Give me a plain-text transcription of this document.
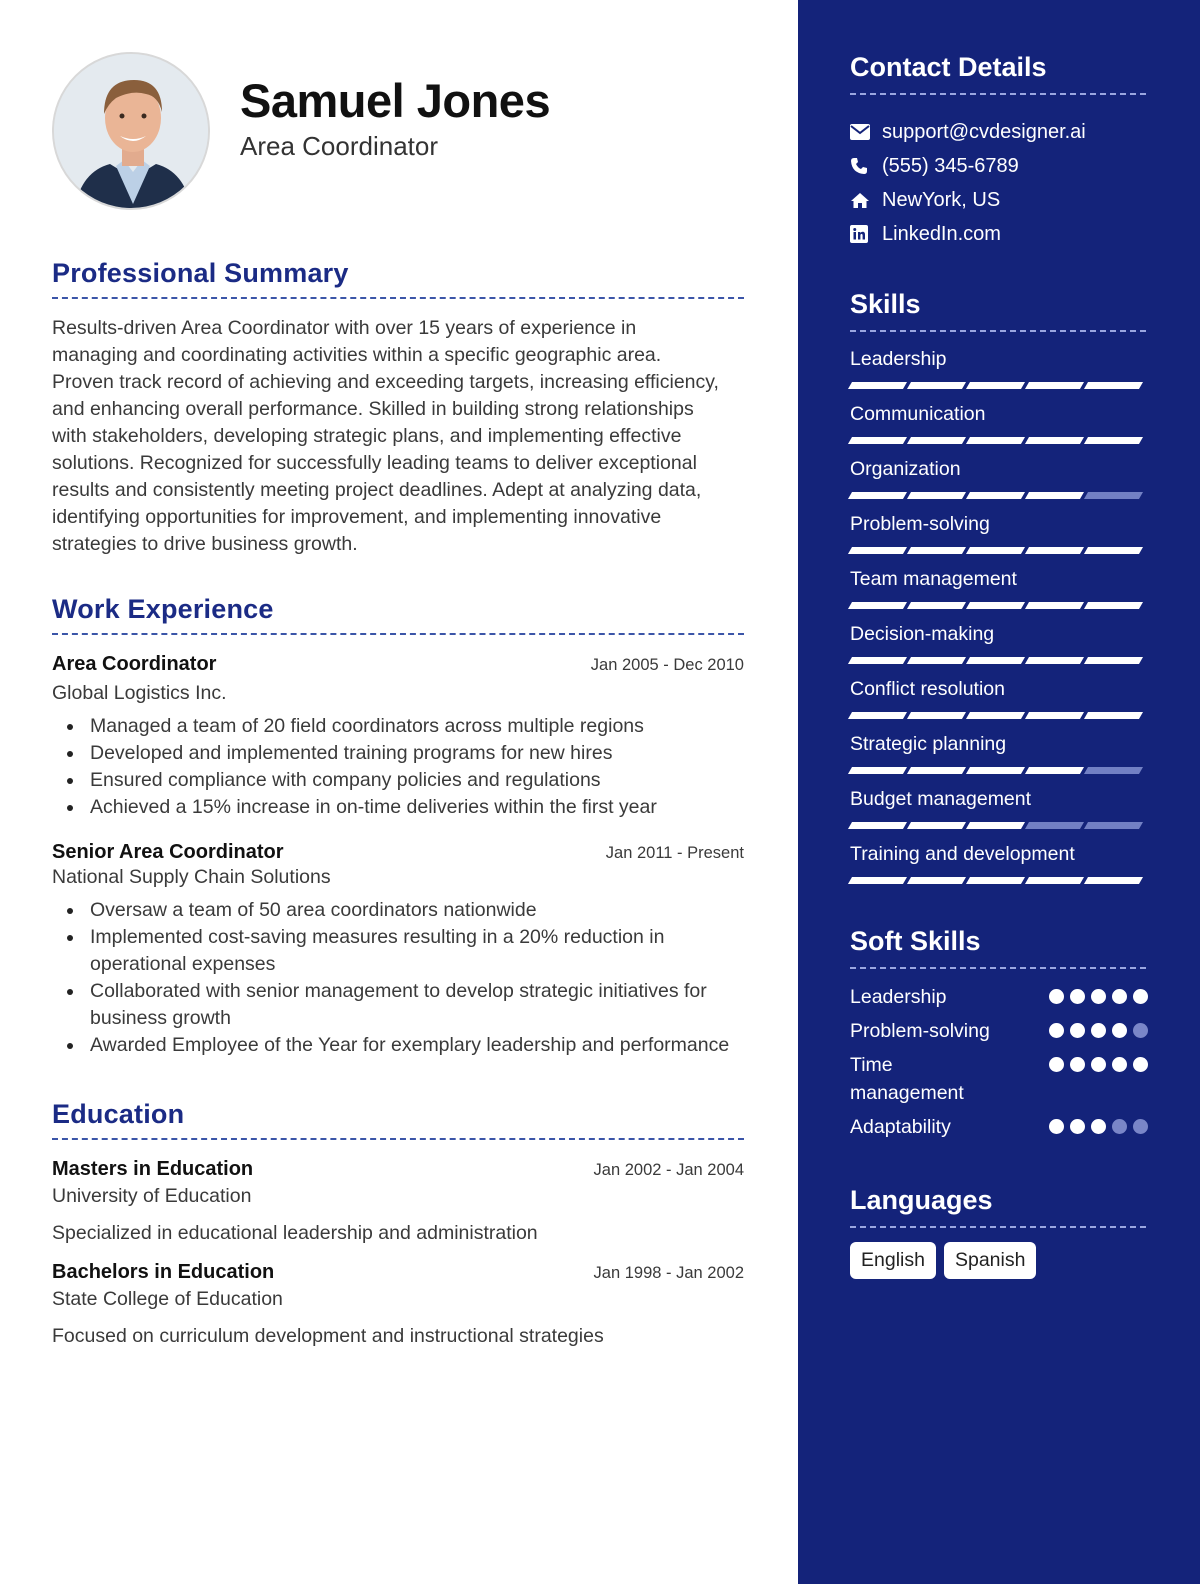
Samuel Jones
Area Coordinator
Professional Summary

Results-driven Area Coordinator with over 15 years of experience in managing and coordinating activities within a specific geographic area. Proven track record of achieving and exceeding targets, increasing efficiency, and enhancing overall performance. Skilled in building strong relationships with stakeholders, developing strategic plans, and implementing effective solutions. Recognized for successfully leading teams to deliver exceptional results and consistently meeting project deadlines. Adept at analyzing data, identifying opportunities for improvement, and implementing innovative strategies to drive business growth.

Work Experience
Area Coordinator	Jan 2005 - Dec 2010
Global Logistics Inc.
Managed a team of 20 field coordinators across multiple regions
Developed and implemented training programs for new hires
Ensured compliance with company policies and regulations
Achieved a 15% increase in on-time deliveries within the first year
Senior Area Coordinator	Jan 2011 - Present
National Supply Chain Solutions
Oversaw a team of 50 area coordinators nationwide
Implemented cost-saving measures resulting in a 20% reduction in operational expenses
Collaborated with senior management to develop strategic initiatives for business growth
Awarded Employee of the Year for exemplary leadership and performance
Education
Masters in Education	Jan 2002 - Jan 2004
University of Education
Specialized in educational leadership and administration
Bachelors in Education	Jan 1998 - Jan 2002
State College of Education
Focused on curriculum development and instructional strategies
Contact Details
support@cvdesigner.ai
(555) 345-6789
NewYork, US
LinkedIn.com
Skills
Leadership
Communication
Organization
Problem-solving
Team management
Decision-making
Conflict resolution
Strategic planning
Budget management
Training and development
Soft Skills
Leadership
Problem-solving
Time management
Adaptability
Languages
English	Spanish
